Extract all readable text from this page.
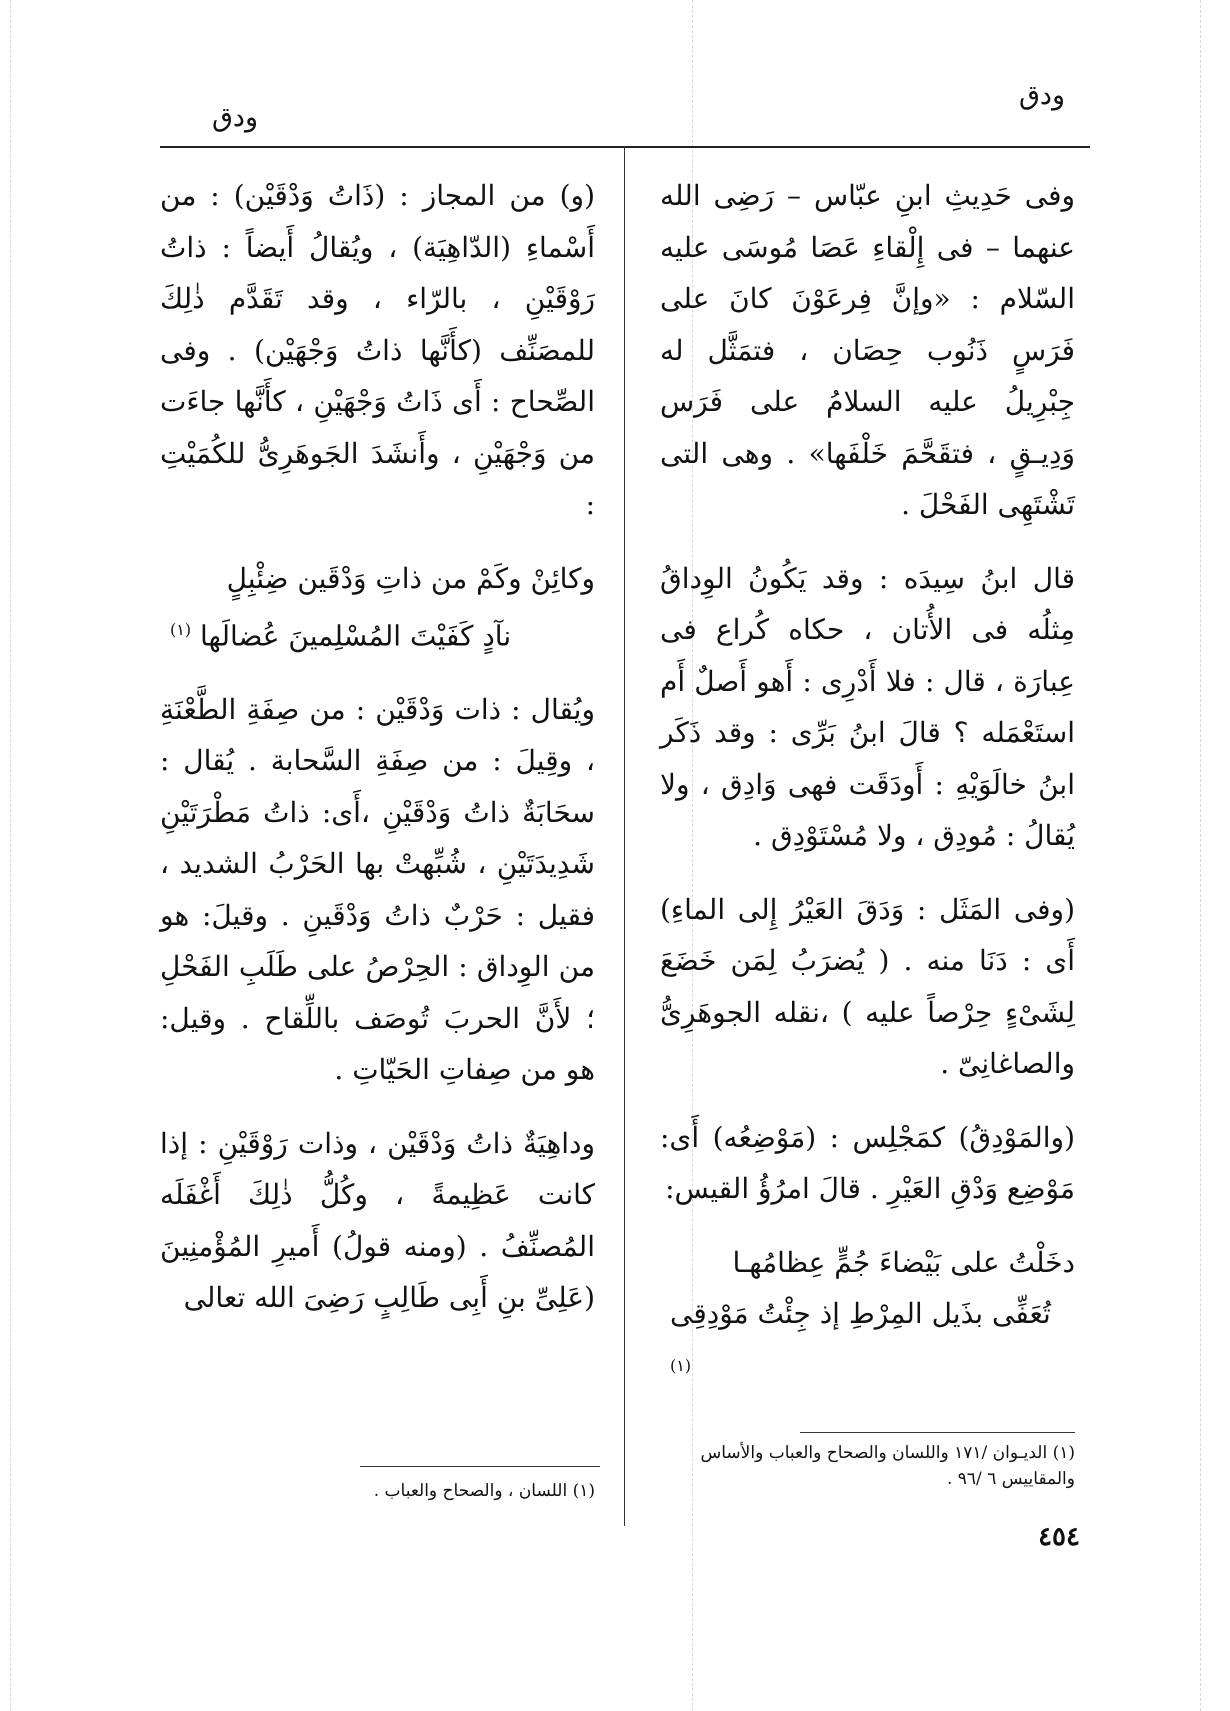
ودق
ودق

وفى حَدِيثِ ابنِ عبّاس – رَضِى الله عنهما – فى إِلْقاءِ عَصَا مُوسَى عليه السّلام : «وإنَّ فِرعَوْنَ كانَ على فَرَسٍ ذَنُوب حِصَان ، فتمَثَّل له جِبْرِيلُ عليه السلامُ على فَرَس وَدِيـقٍ ، فتقَحَّمَ خَلْفَها» . وهى التى تَشْتَهِى الفَحْلَ .

قال ابنُ سِيدَه : وقد يَكُونُ الوِداقُ مِثلُه فى الأُتان ، حكاه كُراع فى عِبارَة ، قال : فلا أَدْرِى : أَهو أَصلٌ أَم استَعْمَله ؟ قالَ ابنُ بَرِّى : وقد ذَكَر ابنُ خالَوَيْهِ : أَودَقَت فهى وَادِق ، ولا يُقالُ : مُودِق ، ولا مُسْتَوْدِق .

(وفى المَثَل : وَدَقَ العَيْرُ إِلى الماءِ) أَى : دَنَا منه . ( يُضرَبُ لِمَن خَضَعَ لِشَىْءٍ حِرْصاً عليه ) ،نقله الجوهَرِىُّ والصاغانِىّ .

(والمَوْدِقُ) كمَجْلِس : (مَوْضِعُه) أَى: مَوْضِع وَدْقِ العَيْرِ . قالَ امرُؤُ القيس:

دخَلْتُ على بَيْضاءَ جُمٍّ عِظامُهـا
تُعَفِّى بذَيل المِرْطِ إذ جِئْتُ مَوْدِقِى $^{(١)}$
(١) الديـوان /١٧١ واللسان والصحاح والعباب والأساس والمقاييس ٦ /٩٦ .

(و) من المجاز : (ذَاتُ وَدْقَيْن) : من أَسْماءِ (الدّاهِيَة) ، ويُقالُ أَيضاً : ذاتُ رَوْقَيْنِ ، بالرّاء ، وقد تَقَدَّم ذٰلِكَ للمصَنِّف (كأَنَّها ذاتُ وَجْهَيْن) . وفى الصِّحاح : أَى ذَاتُ وَجْهَيْنِ ، كأَنَّها جاءَت من وَجْهَيْنِ ، وأَنشَدَ الجَوهَرِىُّ للكُمَيْتِ :

وكائِنْ وكَمْ من ذاتِ وَدْقَين ضِئْبِلٍ
نآدٍ كَفَيْتَ المُسْلِمينَ عُضالَها $^{(١)}$

ويُقال : ذات وَدْقَيْن : من صِفَةِ الطَّعْنَةِ ، وقِيلَ : من صِفَةِ السَّحابة . يُقال : سحَابَةٌ ذاتُ وَدْقَيْنِ ،أَى: ذاتُ مَطْرَتَيْنِ شَدِيدَتَيْنِ ، شُبِّهتْ بها الحَرْبُ الشديد ، فقيل : حَرْبٌ ذاتُ وَدْقَينِ . وقيلَ: هو من الوِداق : الحِرْصُ على طَلَبِ الفَحْلِ ؛ لأَنَّ الحربَ تُوصَف باللِّقاح . وقيل: هو من صِفاتِ الحَيّاتِ .

وداهِيَةٌ ذاتُ وَدْقَيْن ، وذات رَوْقَيْنِ : إذا كانت عَظِيمةً ، وكُلُّ ذٰلِكَ أَغْفَلَه المُصنِّفُ . (ومنه قولُ) أَميرِ المُؤْمنِينَ (عَلِىِّ بنِ أَبِى طَالِبٍ رَضِىَ الله تعالى

(١) اللسان ، والصحاح والعباب .
٤٥٤
